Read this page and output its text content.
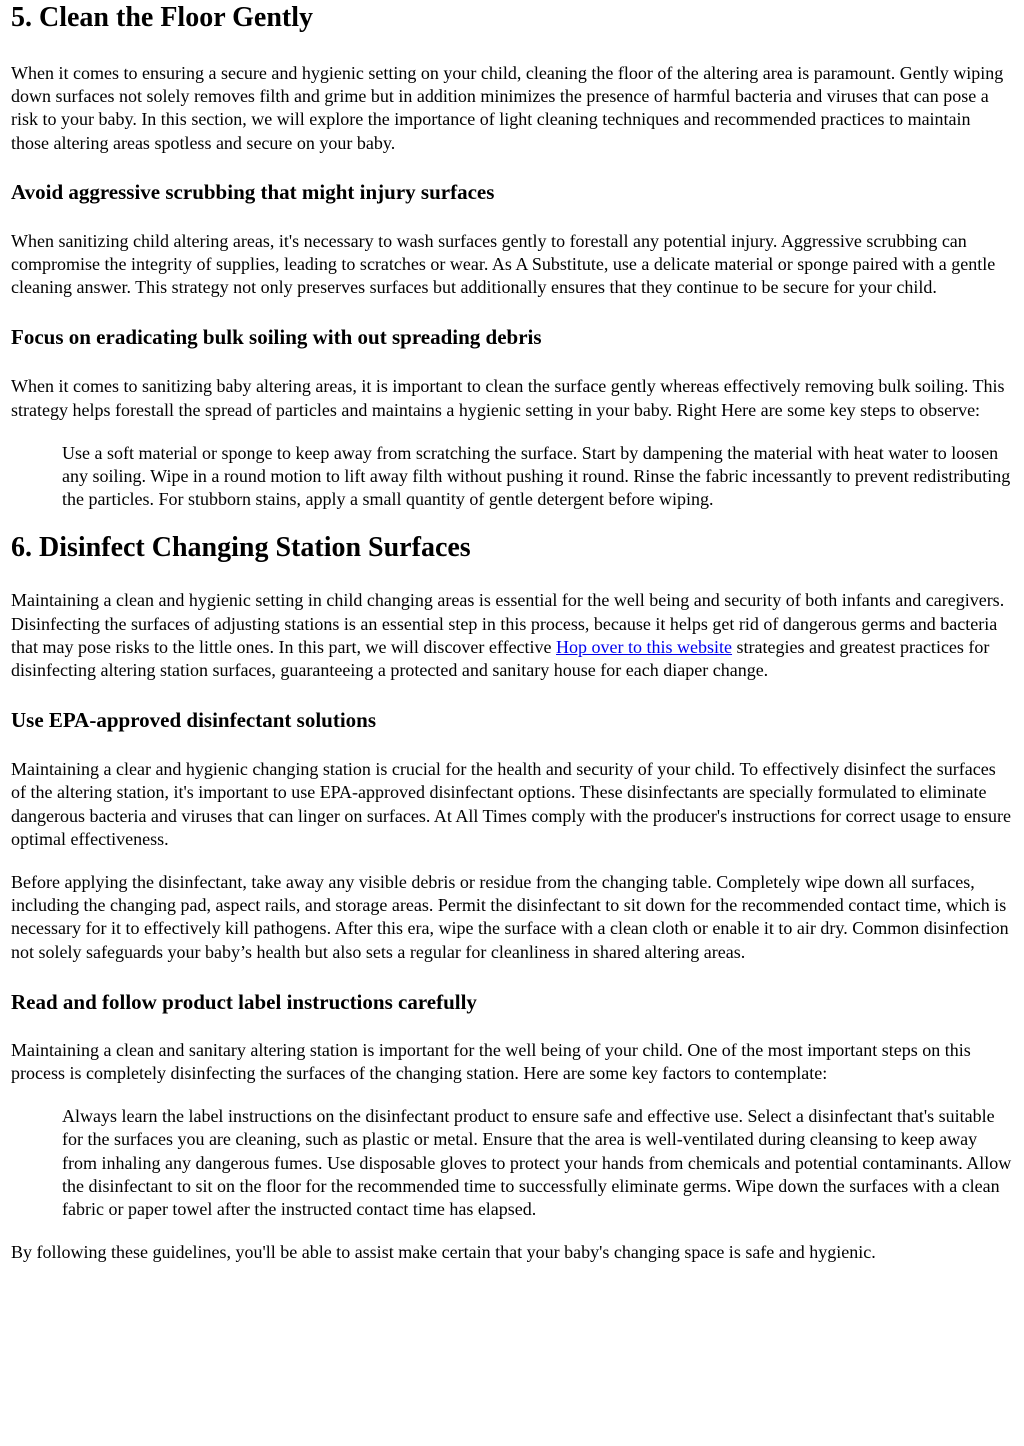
5. Clean the Floor Gently

When it comes to ensuring a secure and hygienic setting on your child, cleaning the floor of the altering area is paramount. Gently wiping down surfaces not solely removes filth and grime but in addition minimizes the presence of harmful bacteria and viruses that can pose a risk to your baby. In this section, we will explore the importance of light cleaning techniques and recommended practices to maintain those altering areas spotless and secure on your baby.

Avoid aggressive scrubbing that might injury surfaces

When sanitizing child altering areas, it's necessary to wash surfaces gently to forestall any potential injury. Aggressive scrubbing can compromise the integrity of supplies, leading to scratches or wear. As A Substitute, use a delicate material or sponge paired with a gentle cleaning answer. This strategy not only preserves surfaces but additionally ensures that they continue to be secure for your child.

Focus on eradicating bulk soiling with out spreading debris

When it comes to sanitizing baby altering areas, it is important to clean the surface gently whereas effectively removing bulk soiling. This strategy helps forestall the spread of particles and maintains a hygienic setting in your baby. Right Here are some key steps to observe:

Use a soft material or sponge to keep away from scratching the surface. Start by dampening the material with heat water to loosen any soiling. Wipe in a round motion to lift away filth without pushing it round. Rinse the fabric incessantly to prevent redistributing the particles. For stubborn stains, apply a small quantity of gentle detergent before wiping.
6. Disinfect Changing Station Surfaces

Maintaining a clean and hygienic setting in child changing areas is essential for the well being and security of both infants and caregivers. Disinfecting the surfaces of adjusting stations is an essential step in this process, because it helps get rid of dangerous germs and bacteria that may pose risks to the little ones. In this part, we will discover effective Hop over to this website strategies and greatest practices for disinfecting altering station surfaces, guaranteeing a protected and sanitary house for each diaper change.

Use EPA-approved disinfectant solutions

Maintaining a clear and hygienic changing station is crucial for the health and security of your child. To effectively disinfect the surfaces of the altering station, it's important to use EPA-approved disinfectant options. These disinfectants are specially formulated to eliminate dangerous bacteria and viruses that can linger on surfaces. At All Times comply with the producer's instructions for correct usage to ensure optimal effectiveness.

Before applying the disinfectant, take away any visible debris or residue from the changing table. Completely wipe down all surfaces, including the changing pad, aspect rails, and storage areas. Permit the disinfectant to sit down for the recommended contact time, which is necessary for it to effectively kill pathogens. After this era, wipe the surface with a clean cloth or enable it to air dry. Common disinfection not solely safeguards your baby’s health but also sets a regular for cleanliness in shared altering areas.

Read and follow product label instructions carefully

Maintaining a clean and sanitary altering station is important for the well being of your child. One of the most important steps on this process is completely disinfecting the surfaces of the changing station. Here are some key factors to contemplate:

Always learn the label instructions on the disinfectant product to ensure safe and effective use. Select a disinfectant that's suitable for the surfaces you are cleaning, such as plastic or metal. Ensure that the area is well-ventilated during cleansing to keep away from inhaling any dangerous fumes. Use disposable gloves to protect your hands from chemicals and potential contaminants. Allow the disinfectant to sit on the floor for the recommended time to successfully eliminate germs. Wipe down the surfaces with a clean fabric or paper towel after the instructed contact time has elapsed.

By following these guidelines, you'll be able to assist make certain that your baby's changing space is safe and hygienic.
